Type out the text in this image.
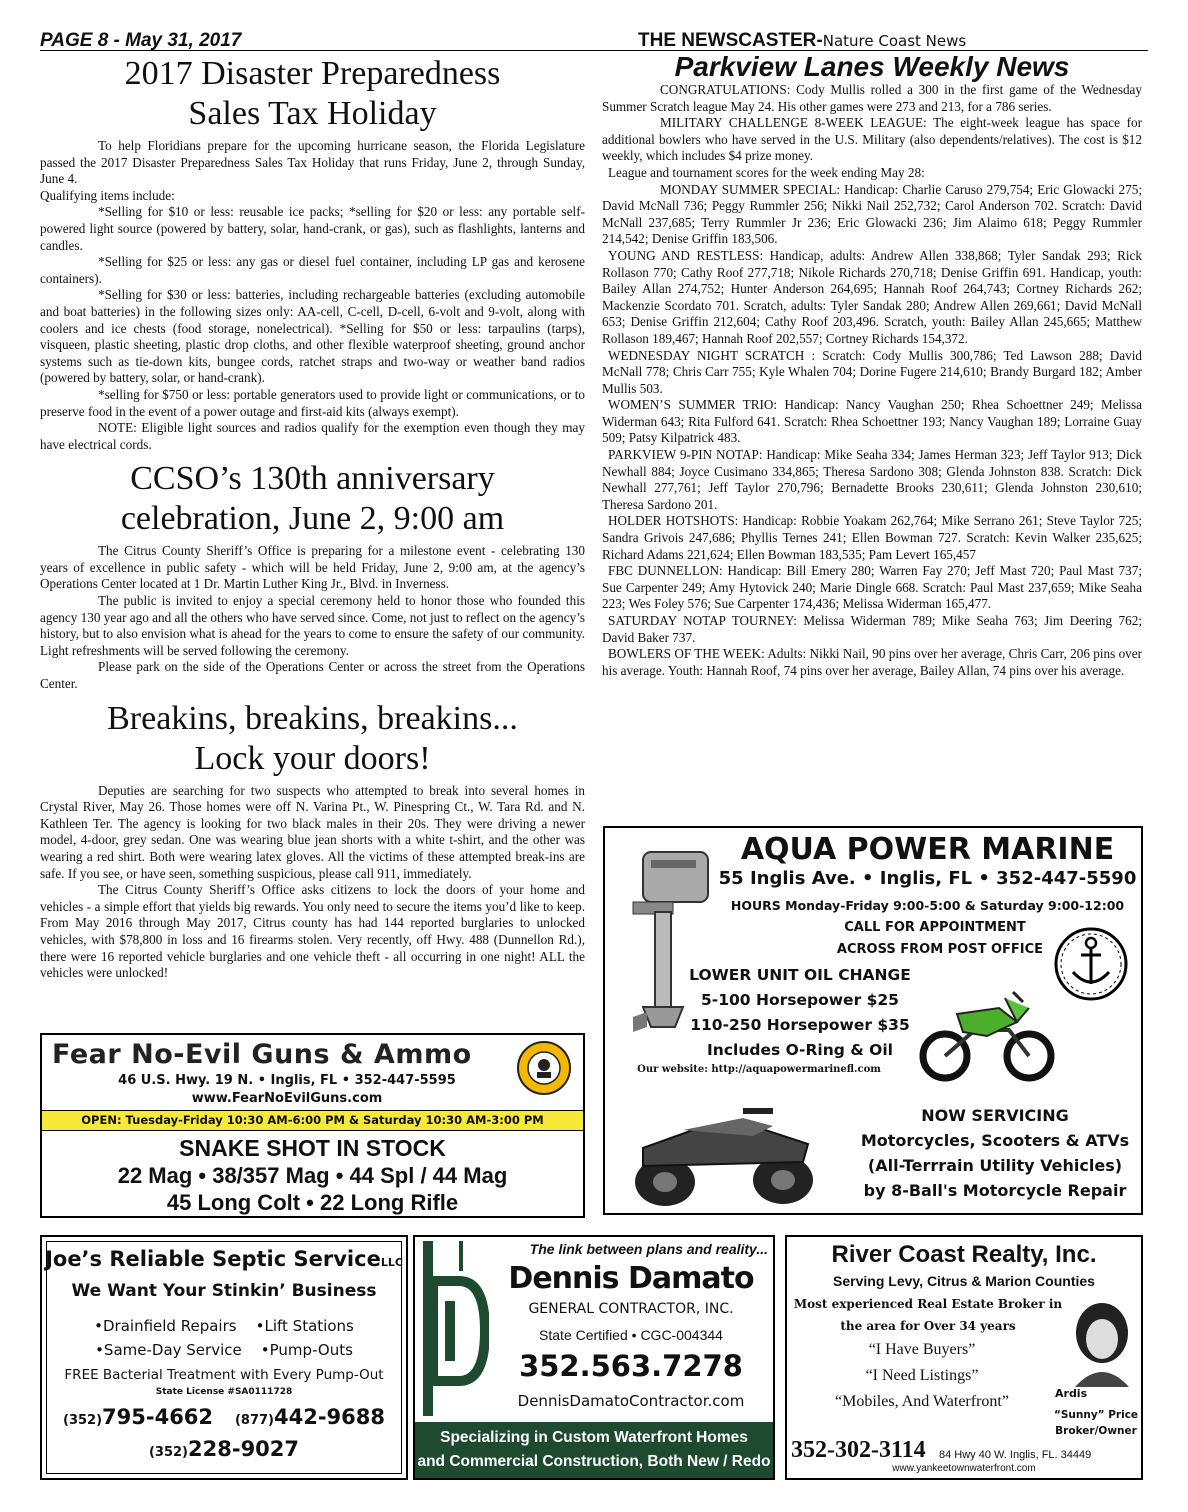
PAGE 8 - May 31, 2017	THE NEWSCASTER-Nature Coast News
2017 Disaster Preparedness
Sales Tax Holiday

To help Floridians prepare for the upcoming hurricane season, the Florida Legislature passed the 2017 Disaster Preparedness Sales Tax Holiday that runs Friday, June 2, through Sunday, June 4.

Qualifying items include:

*Selling for $10 or less: reusable ice packs; *selling for $20 or less: any portable self-powered light source (powered by battery, solar, hand-crank, or gas), such as flashlights, lanterns and candles.

*Selling for $25 or less: any gas or diesel fuel container, including LP gas and kerosene containers).

*Selling for $30 or less: batteries, including rechargeable batteries (excluding automobile and boat batteries) in the following sizes only: AA-cell, C-cell, D-cell, 6-volt and 9-volt, along with coolers and ice chests (food storage, nonelectrical). *Selling for $50 or less: tarpaulins (tarps), visqueen, plastic sheeting, plastic drop cloths, and other flexible waterproof sheeting, ground anchor systems such as tie-down kits, bungee cords, ratchet straps and two-way or weather band radios (powered by battery, solar, or hand-crank).

*selling for $750 or less: portable generators used to provide light or communications, or to preserve food in the event of a power outage and first-aid kits (always exempt).

NOTE: Eligible light sources and radios qualify for the exemption even though they may have electrical cords.

CCSO’s 130th anniversary
celebration, June 2, 9:00 am

The Citrus County Sheriff’s Office is preparing for a milestone event - celebrating 130 years of excellence in public safety - which will be held Friday, June 2, 9:00 am, at the agency’s Operations Center located at 1 Dr. Martin Luther King Jr., Blvd. in Inverness.

The public is invited to enjoy a special ceremony held to honor those who founded this agency 130 year ago and all the others who have served since. Come, not just to reflect on the agency’s history, but to also envision what is ahead for the years to come to ensure the safety of our community. Light refreshments will be served following the ceremony.

Please park on the side of the Operations Center or across the street from the Operations Center.

Breakins, breakins, breakins...
Lock your doors!

Deputies are searching for two suspects who attempted to break into several homes in Crystal River, May 26. Those homes were off N. Varina Pt., W. Pinespring Ct., W. Tara Rd. and N. Kathleen Ter. The agency is looking for two black males in their 20s. They were driving a newer model, 4-door, grey sedan. One was wearing blue jean shorts with a white t-shirt, and the other was wearing a red shirt. Both were wearing latex gloves. All the victims of these attempted break-ins are safe. If you see, or have seen, something suspicious, please call 911, immediately.

The Citrus County Sheriff’s Office asks citizens to lock the doors of your home and vehicles - a simple effort that yields big rewards. You only need to secure the items you’d like to keep. From May 2016 through May 2017, Citrus county has had 144 reported burglaries to unlocked vehicles, with $78,800 in loss and 16 firearms stolen. Very recently, off Hwy. 488 (Dunnellon Rd.), there were 16 reported vehicle burglaries and one vehicle theft - all occurring in one night! ALL the vehicles were unlocked!

Parkview Lanes Weekly News

CONGRATULATIONS: Cody Mullis rolled a 300 in the first game of the Wednesday Summer Scratch league May 24. His other games were 273 and 213, for a 786 series.

MILITARY CHALLENGE 8-WEEK LEAGUE: The eight-week league has space for additional bowlers who have served in the U.S. Military (also dependents/relatives). The cost is $12 weekly, which includes $4 prize money.

League and tournament scores for the week ending May 28:

MONDAY SUMMER SPECIAL: Handicap: Charlie Caruso 279,754; Eric Glowacki 275; David McNall 736; Peggy Rummler 256; Nikki Nail 252,732; Carol Anderson 702. Scratch: David McNall 237,685; Terry Rummler Jr 236; Eric Glowacki 236; Jim Alaimo 618; Peggy Rummler 214,542; Denise Griffin 183,506.

YOUNG AND RESTLESS: Handicap, adults: Andrew Allen 338,868; Tyler Sandak 293; Rick Rollason 770; Cathy Roof 277,718; Nikole Richards 270,718; Denise Griffin 691. Handicap, youth: Bailey Allan 274,752; Hunter Anderson 264,695; Hannah Roof 264,743; Cortney Richards 262; Mackenzie Scordato 701. Scratch, adults: Tyler Sandak 280; Andrew Allen 269,661; David McNall 653; Denise Griffin 212,604; Cathy Roof 203,496. Scratch, youth: Bailey Allan 245,665; Matthew Rollason 189,467; Hannah Roof 202,557; Cortney Richards 154,372.

WEDNESDAY NIGHT SCRATCH : Scratch: Cody Mullis 300,786; Ted Lawson 288; David McNall 778; Chris Carr 755; Kyle Whalen 704; Dorine Fugere 214,610; Brandy Burgard 182; Amber Mullis 503.

WOMEN’S SUMMER TRIO: Handicap: Nancy Vaughan 250; Rhea Schoettner 249; Melissa Widerman 643; Rita Fulford 641. Scratch: Rhea Schoettner 193; Nancy Vaughan 189; Lorraine Guay 509; Patsy Kilpatrick 483.

PARKVIEW 9-PIN NOTAP: Handicap: Mike Seaha 334; James Herman 323; Jeff Taylor 913; Dick Newhall 884; Joyce Cusimano 334,865; Theresa Sardono 308; Glenda Johnston 838. Scratch: Dick Newhall 277,761; Jeff Taylor 270,796; Bernadette Brooks 230,611; Glenda Johnston 230,610; Theresa Sardono 201.

HOLDER HOTSHOTS: Handicap: Robbie Yoakam 262,764; Mike Serrano 261; Steve Taylor 725; Sandra Grivois 247,686; Phyllis Ternes 241; Ellen Bowman 727. Scratch: Kevin Walker 235,625; Richard Adams 221,624; Ellen Bowman 183,535; Pam Levert 165,457

FBC DUNNELLON: Handicap: Bill Emery 280; Warren Fay 270; Jeff Mast 720; Paul Mast 737; Sue Carpenter 249; Amy Hytovick 240; Marie Dingle 668. Scratch: Paul Mast 237,659; Mike Seaha 223; Wes Foley 576; Sue Carpenter 174,436; Melissa Widerman 165,477.

SATURDAY NOTAP TOURNEY: Melissa Widerman 789; Mike Seaha 763; Jim Deering 762; David Baker 737.

BOWLERS OF THE WEEK: Adults: Nikki Nail, 90 pins over her average, Chris Carr, 206 pins over his average. Youth: Hannah Roof, 74 pins over her average, Bailey Allan, 74 pins over his average.

AQUA POWER MARINE
55 Inglis Ave. • Inglis, FL • 352-447-5590
HOURS Monday-Friday 9:00-5:00 & Saturday 9:00-12:00
CALL FOR APPOINTMENT
ACROSS FROM POST OFFICE
LOWER UNIT OIL CHANGE
5-100 Horsepower $25
110-250 Horsepower $35
Includes O-Ring & Oil
Our website: http://aquapowermarinefl.com
NOW SERVICING
Motorcycles, Scooters & ATVs
(All-Terrrain Utility Vehicles)
by 8-Ball's Motorcycle Repair
Fear No-Evil Guns & Ammo
46 U.S. Hwy. 19 N. • Inglis, FL • 352-447-5595
www.FearNoEvilGuns.com
OPEN: Tuesday-Friday 10:30 AM-6:00 PM & Saturday 10:30 AM-3:00 PM
SNAKE SHOT IN STOCK
22 Mag • 38/357 Mag • 44 Spl / 44 Mag
45 Long Colt • 22 Long Rifle
Joe’s Reliable Septic ServiceLLC
We Want Your Stinkin’ Business
•Drainfield Repairs •Lift Stations
•Same-Day Service •Pump-Outs
FREE Bacterial Treatment with Every Pump-Out
State License #SA0111728
(352)795-4662 (877)442-9688
(352)228-9027
The link between plans and reality...
Dennis Damato
GENERAL CONTRACTOR, INC.
State Certified • CGC-004344
352.563.7278
DennisDamatoContractor.com
Specializing in Custom Waterfront Homes
and Commercial Construction, Both New / Redo
River Coast Realty, Inc.
Serving Levy, Citrus & Marion Counties
Most experienced Real Estate Broker in
the area for Over 34 years
“I Have Buyers”
“I Need Listings”
“Mobiles, And Waterfront”	Ardis
“Sunny” Price
Broker/Owner
352-302-3114 84 Hwy 40 W. Inglis, FL. 34449
www.yankeetownwaterfront.com
